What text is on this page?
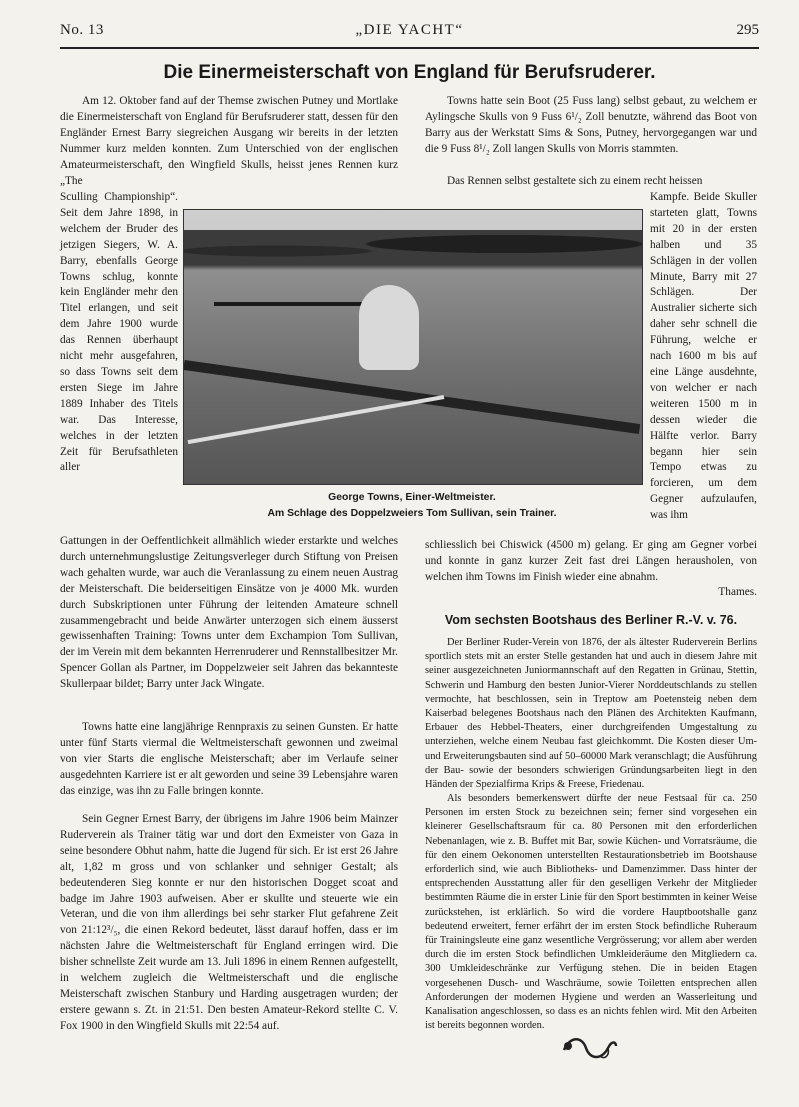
No. 13	„DIE YACHT“	295
Die Einermeisterschaft von England für Berufsruderer.

Am 12. Oktober fand auf der Themse zwischen Putney und Mortlake die Einermeisterschaft von England für Berufsruderer statt, dessen für den Engländer Ernest Barry siegreichen Ausgang wir bereits in der letzten Nummer kurz melden konnten. Zum Unterschied von der englischen Amateurmeisterschaft, den Wingfield Skulls, heisst jenes Rennen kurz „The

Sculling Championship“. Seit dem Jahre 1898, in welchem der Bruder des jetzigen Siegers, W. A. Barry, ebenfalls George Towns schlug, konnte kein Engländer mehr den Titel erlangen, und seit dem Jahre 1900 wurde das Rennen überhaupt nicht mehr ausgefahren, so dass Towns seit dem ersten Siege im Jahre 1889 Inhaber des Titels war. Das Interesse, welches in der letzten Zeit für Berufsathleten aller

George Towns, Einer-Weltmeister.
Am Schlage des Doppelzweiers Tom Sullivan, sein Trainer.

Gattungen in der Oeffentlichkeit allmählich wieder erstarkte und welches durch unternehmungslustige Zeitungsverleger durch Stiftung von Preisen wach gehalten wurde, war auch die Veranlassung zu einem neuen Austrag der Meisterschaft. Die beiderseitigen Einsätze von je 4000 Mk. wurden durch Subskriptionen unter Führung der leitenden Amateure schnell zusammengebracht und beide Anwärter unterzogen sich einem äusserst gewissenhaften Training: Towns unter dem Exchampion Tom Sullivan, der im Verein mit dem bekannten Herrenruderer und Rennstallbesitzer Mr. Spencer Gollan als Partner, im Doppelzweier seit Jahren das bekannteste Skullerpaar bildet; Barry unter Jack Wingate.

Towns hatte eine langjährige Rennpraxis zu seinen Gunsten. Er hatte unter fünf Starts viermal die Weltmeisterschaft gewonnen und zweimal von vier Starts die englische Meisterschaft; aber im Verlaufe seiner ausgedehnten Karriere ist er alt geworden und seine 39 Lebensjahre waren das einzige, was ihn zu Falle bringen konnte.

Sein Gegner Ernest Barry, der übrigens im Jahre 1906 beim Mainzer Ruderverein als Trainer tätig war und dort den Exmeister von Gaza in seine besondere Obhut nahm, hatte die Jugend für sich. Er ist erst 26 Jahre alt, 1,82 m gross und von schlanker und sehniger Gestalt; als bedeutenderen Sieg konnte er nur den historischen Dogget scoat and badge im Jahre 1903 aufweisen. Aber er skullte und steuerte wie ein Veteran, und die von ihm allerdings bei sehr starker Flut gefahrene Zeit von 21:12³/₅, die einen Rekord bedeutet, lässt darauf hoffen, dass er im nächsten Jahre die Weltmeisterschaft für England erringen wird. Die bisher schnellste Zeit wurde am 13. Juli 1896 in einem Rennen aufgestellt, in welchem zugleich die Weltmeisterschaft und die englische Meisterschaft zwischen Stanbury und Harding ausgetragen wurden; der erstere gewann s. Zt. in 21:51. Den besten Amateur-Rekord stellte C. V. Fox 1900 in den Wingfield Skulls mit 22:54 auf.

Towns hatte sein Boot (25 Fuss lang) selbst gebaut, zu welchem er Aylingsche Skulls von 9 Fuss 6¹/₂ Zoll benutzte, während das Boot von Barry aus der Werkstatt Sims & Sons, Putney, hervorgegangen war und die 9 Fuss 8¹/₂ Zoll langen Skulls von Morris stammten.

Das Rennen selbst gestaltete sich zu einem recht heissen

Kampfe. Beide Skuller starteten glatt, Towns mit 20 in der ersten halben und 35 Schlägen in der vollen Minute, Barry mit 27 Schlägen. Der Australier sicherte sich daher sehr schnell die Führung, welche er nach 1600 m bis auf eine Länge ausdehnte, von welcher er nach weiteren 1500 m in dessen wieder die Hälfte verlor. Barry begann hier sein Tempo etwas zu forcieren, um dem Gegner aufzulaufen, was ihm

schliesslich bei Chiswick (4500 m) gelang. Er ging am Gegner vorbei und konnte in ganz kurzer Zeit fast drei Längen herausholen, von welchen ihm Towns im Finish wieder eine abnahm.

Thames.

Vom sechsten Bootshaus des Berliner R.-V. v. 76.

Der Berliner Ruder-Verein von 1876, der als ältester Ruderverein Berlins sportlich stets mit an erster Stelle gestanden hat und auch in diesem Jahre mit seiner ausgezeichneten Juniormannschaft auf den Regatten in Grünau, Stettin, Schwerin und Hamburg den besten Junior-Vierer Norddeutschlands zu stellen vermochte, hat beschlossen, sein in Treptow am Poetensteig neben dem Kaiserbad belegenes Bootshaus nach den Plänen des Architekten Kaufmann, Erbauer des Hebbel-Theaters, einer durchgreifenden Umgestaltung zu unterziehen, welche einem Neubau fast gleichkommt. Die Kosten dieser Um- und Erweiterungsbauten sind auf 50–60000 Mark veranschlagt; die Ausführung der Bau- sowie der besonders schwierigen Gründungsarbeiten liegt in den Händen der Spezialfirma Krips & Freese, Friedenau.

Als besonders bemerkenswert dürfte der neue Festsaal für ca. 250 Personen im ersten Stock zu bezeichnen sein; ferner sind vorgesehen ein kleinerer Gesellschaftsraum für ca. 80 Personen mit den erforderlichen Nebenanlagen, wie z. B. Buffet mit Bar, sowie Küchen- und Vorratsräume, die für den einem Oekonomen unterstellten Restaurationsbetrieb im Bootshause erforderlich sind, wie auch Bibliotheks- und Damenzimmer. Dass hinter der entsprechenden Ausstattung aller für den geselligen Verkehr der Mitglieder bestimmten Räume die in erster Linie für den Sport bestimmten in keiner Weise zurückstehen, ist erklärlich. So wird die vordere Hauptbootshalle ganz bedeutend erweitert, ferner erfährt der im ersten Stock befindliche Ruheraum für Trainingsleute eine ganz wesentliche Vergrösserung; vor allem aber werden durch die im ersten Stock befindlichen Umkleideräume den Mitgliedern ca. 300 Umkleideschränke zur Verfügung stehen. Die in beiden Etagen vorgesehenen Dusch- und Waschräume, sowie Toiletten entsprechen allen Anforderungen der modernen Hygiene und werden an Wasserleitung und Kanalisation angeschlossen, so dass es an nichts fehlen wird. Mit den Arbeiten ist bereits begonnen worden.
